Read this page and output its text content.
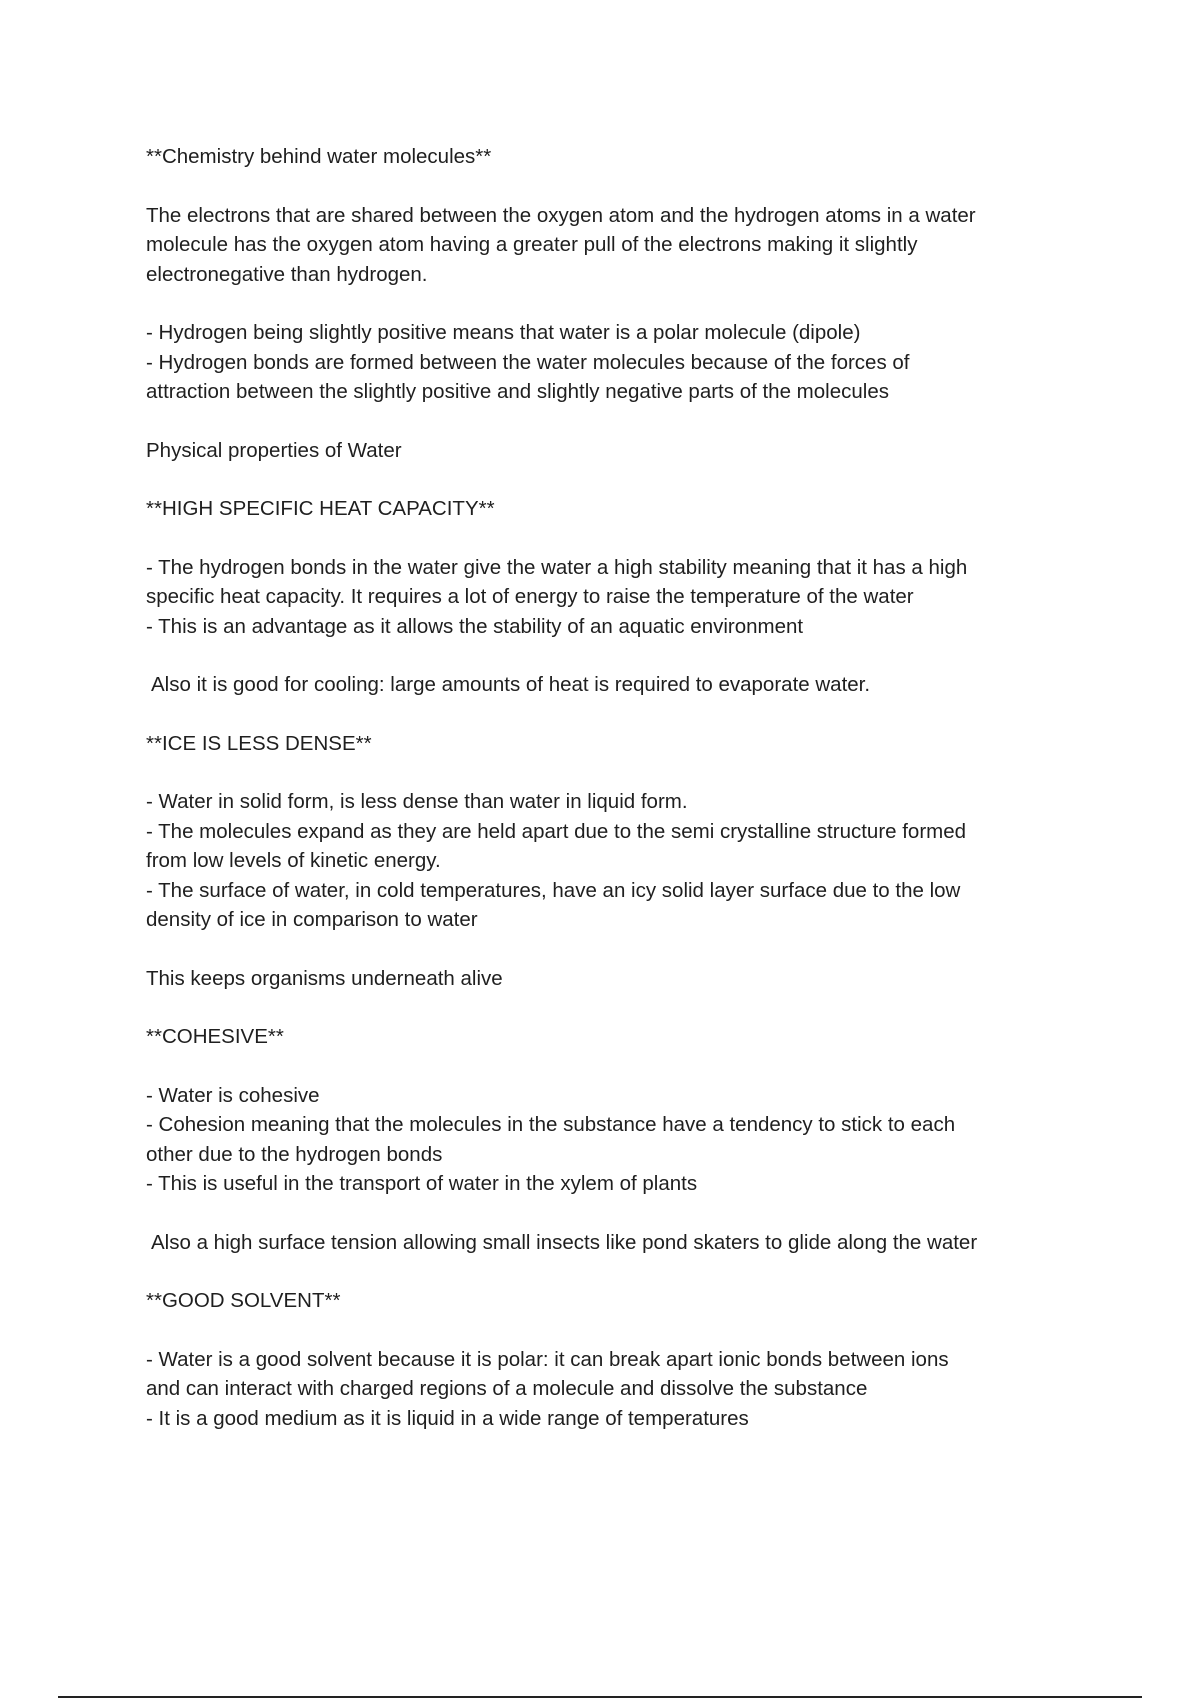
**Chemistry behind water molecules**
The electrons that are shared between the oxygen atom and the hydrogen atoms in a water
molecule has the oxygen atom having a greater pull of the electrons making it slightly
electronegative than hydrogen.
- Hydrogen being slightly positive means that water is a polar molecule (dipole)
- Hydrogen bonds are formed between the water molecules because of the forces of
attraction between the slightly positive and slightly negative parts of the molecules
Physical properties of Water
**HIGH SPECIFIC HEAT CAPACITY**
- The hydrogen bonds in the water give the water a high stability meaning that it has a high
specific heat capacity. It requires a lot of energy to raise the temperature of the water
- This is an advantage as it allows the stability of an aquatic environment
Also it is good for cooling: large amounts of heat is required to evaporate water.
**ICE IS LESS DENSE**
- Water in solid form, is less dense than water in liquid form.
- The molecules expand as they are held apart due to the semi crystalline structure formed
from low levels of kinetic energy.
- The surface of water, in cold temperatures, have an icy solid layer surface due to the low
density of ice in comparison to water
This keeps organisms underneath alive
**COHESIVE**
- Water is cohesive
- Cohesion meaning that the molecules in the substance have a tendency to stick to each
other due to the hydrogen bonds
- This is useful in the transport of water in the xylem of plants
Also a high surface tension allowing small insects like pond skaters to glide along the water
**GOOD SOLVENT**
- Water is a good solvent because it is polar: it can break apart ionic bonds between ions
and can interact with charged regions of a molecule and dissolve the substance
- It is a good medium as it is liquid in a wide range of temperatures
